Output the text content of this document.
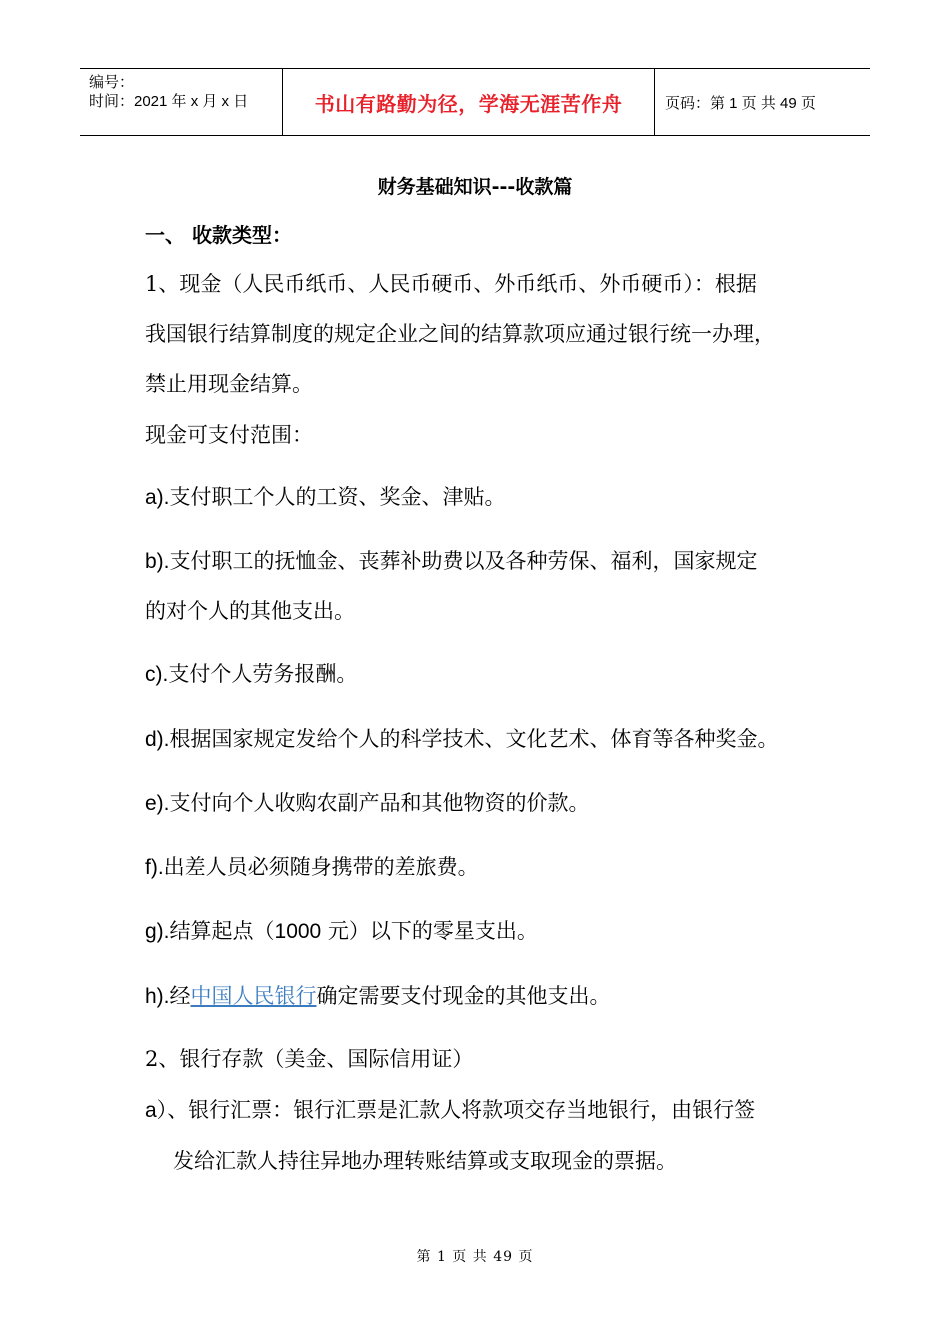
编号：
时间：2021 年 x 月 x 日	书山有路勤为径，学海无涯苦作舟	页码：第 1 页 共 49 页
财务基础知识---收款篇
一、 收款类型：
1、现金（人民币纸币、人民币硬币、外币纸币、外币硬币）：根据
我国银行结算制度的规定企业之间的结算款项应通过银行统一办理，
禁止用现金结算。
现金可支付范围：
a).支付职工个人的工资、奖金、津贴。
b).支付职工的抚恤金、丧葬补助费以及各种劳保、福利，国家规定
的对个人的其他支出。
c).支付个人劳务报酬。
d).根据国家规定发给个人的科学技术、文化艺术、体育等各种奖金。
e).支付向个人收购农副产品和其他物资的价款。
f).出差人员必须随身携带的差旅费。
g).结算起点（1000 元）以下的零星支出。
h).经中国人民银行确定需要支付现金的其他支出。
2、银行存款（美金、国际信用证）
a）、银行汇票：银行汇票是汇款人将款项交存当地银行，由银行签
发给汇款人持往异地办理转账结算或支取现金的票据。
第 1 页 共 49 页
